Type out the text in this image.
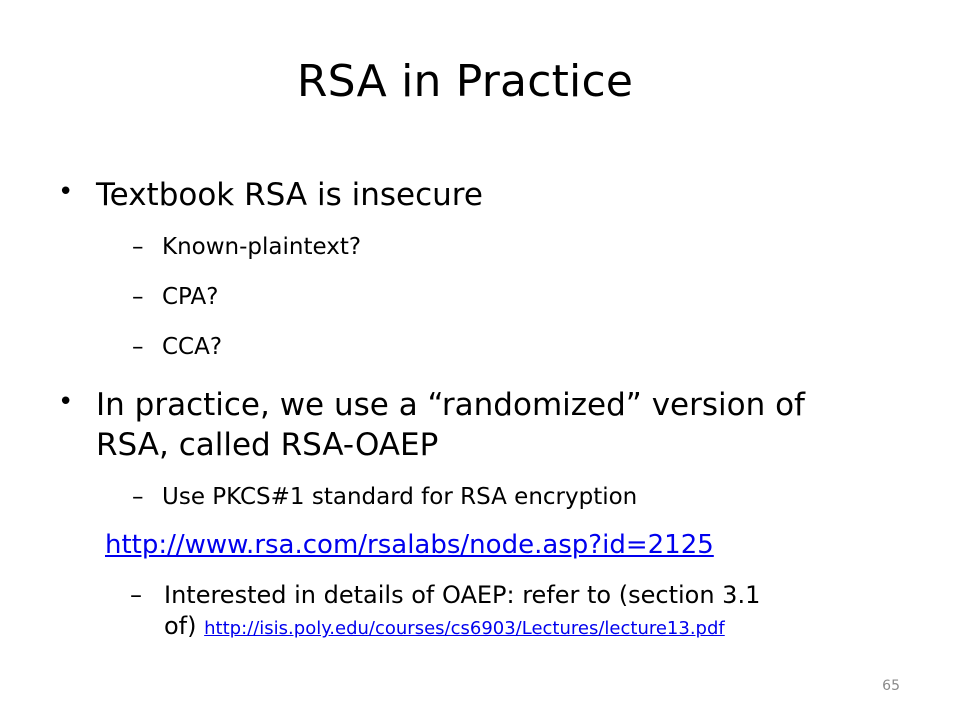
RSA in Practice
• Textbook RSA is insecure
– Known-plaintext?
– CPA?
– CCA?
• In practice, we use a “randomized” version of
RSA, called RSA-OAEP
– Use PKCS#1 standard for RSA encryption
http://www.rsa.com/rsalabs/node.asp?id=2125
– Interested in details of OAEP: refer to (section 3.1
of) http://isis.poly.edu/courses/cs6903/Lectures/lecture13.pdf
65
